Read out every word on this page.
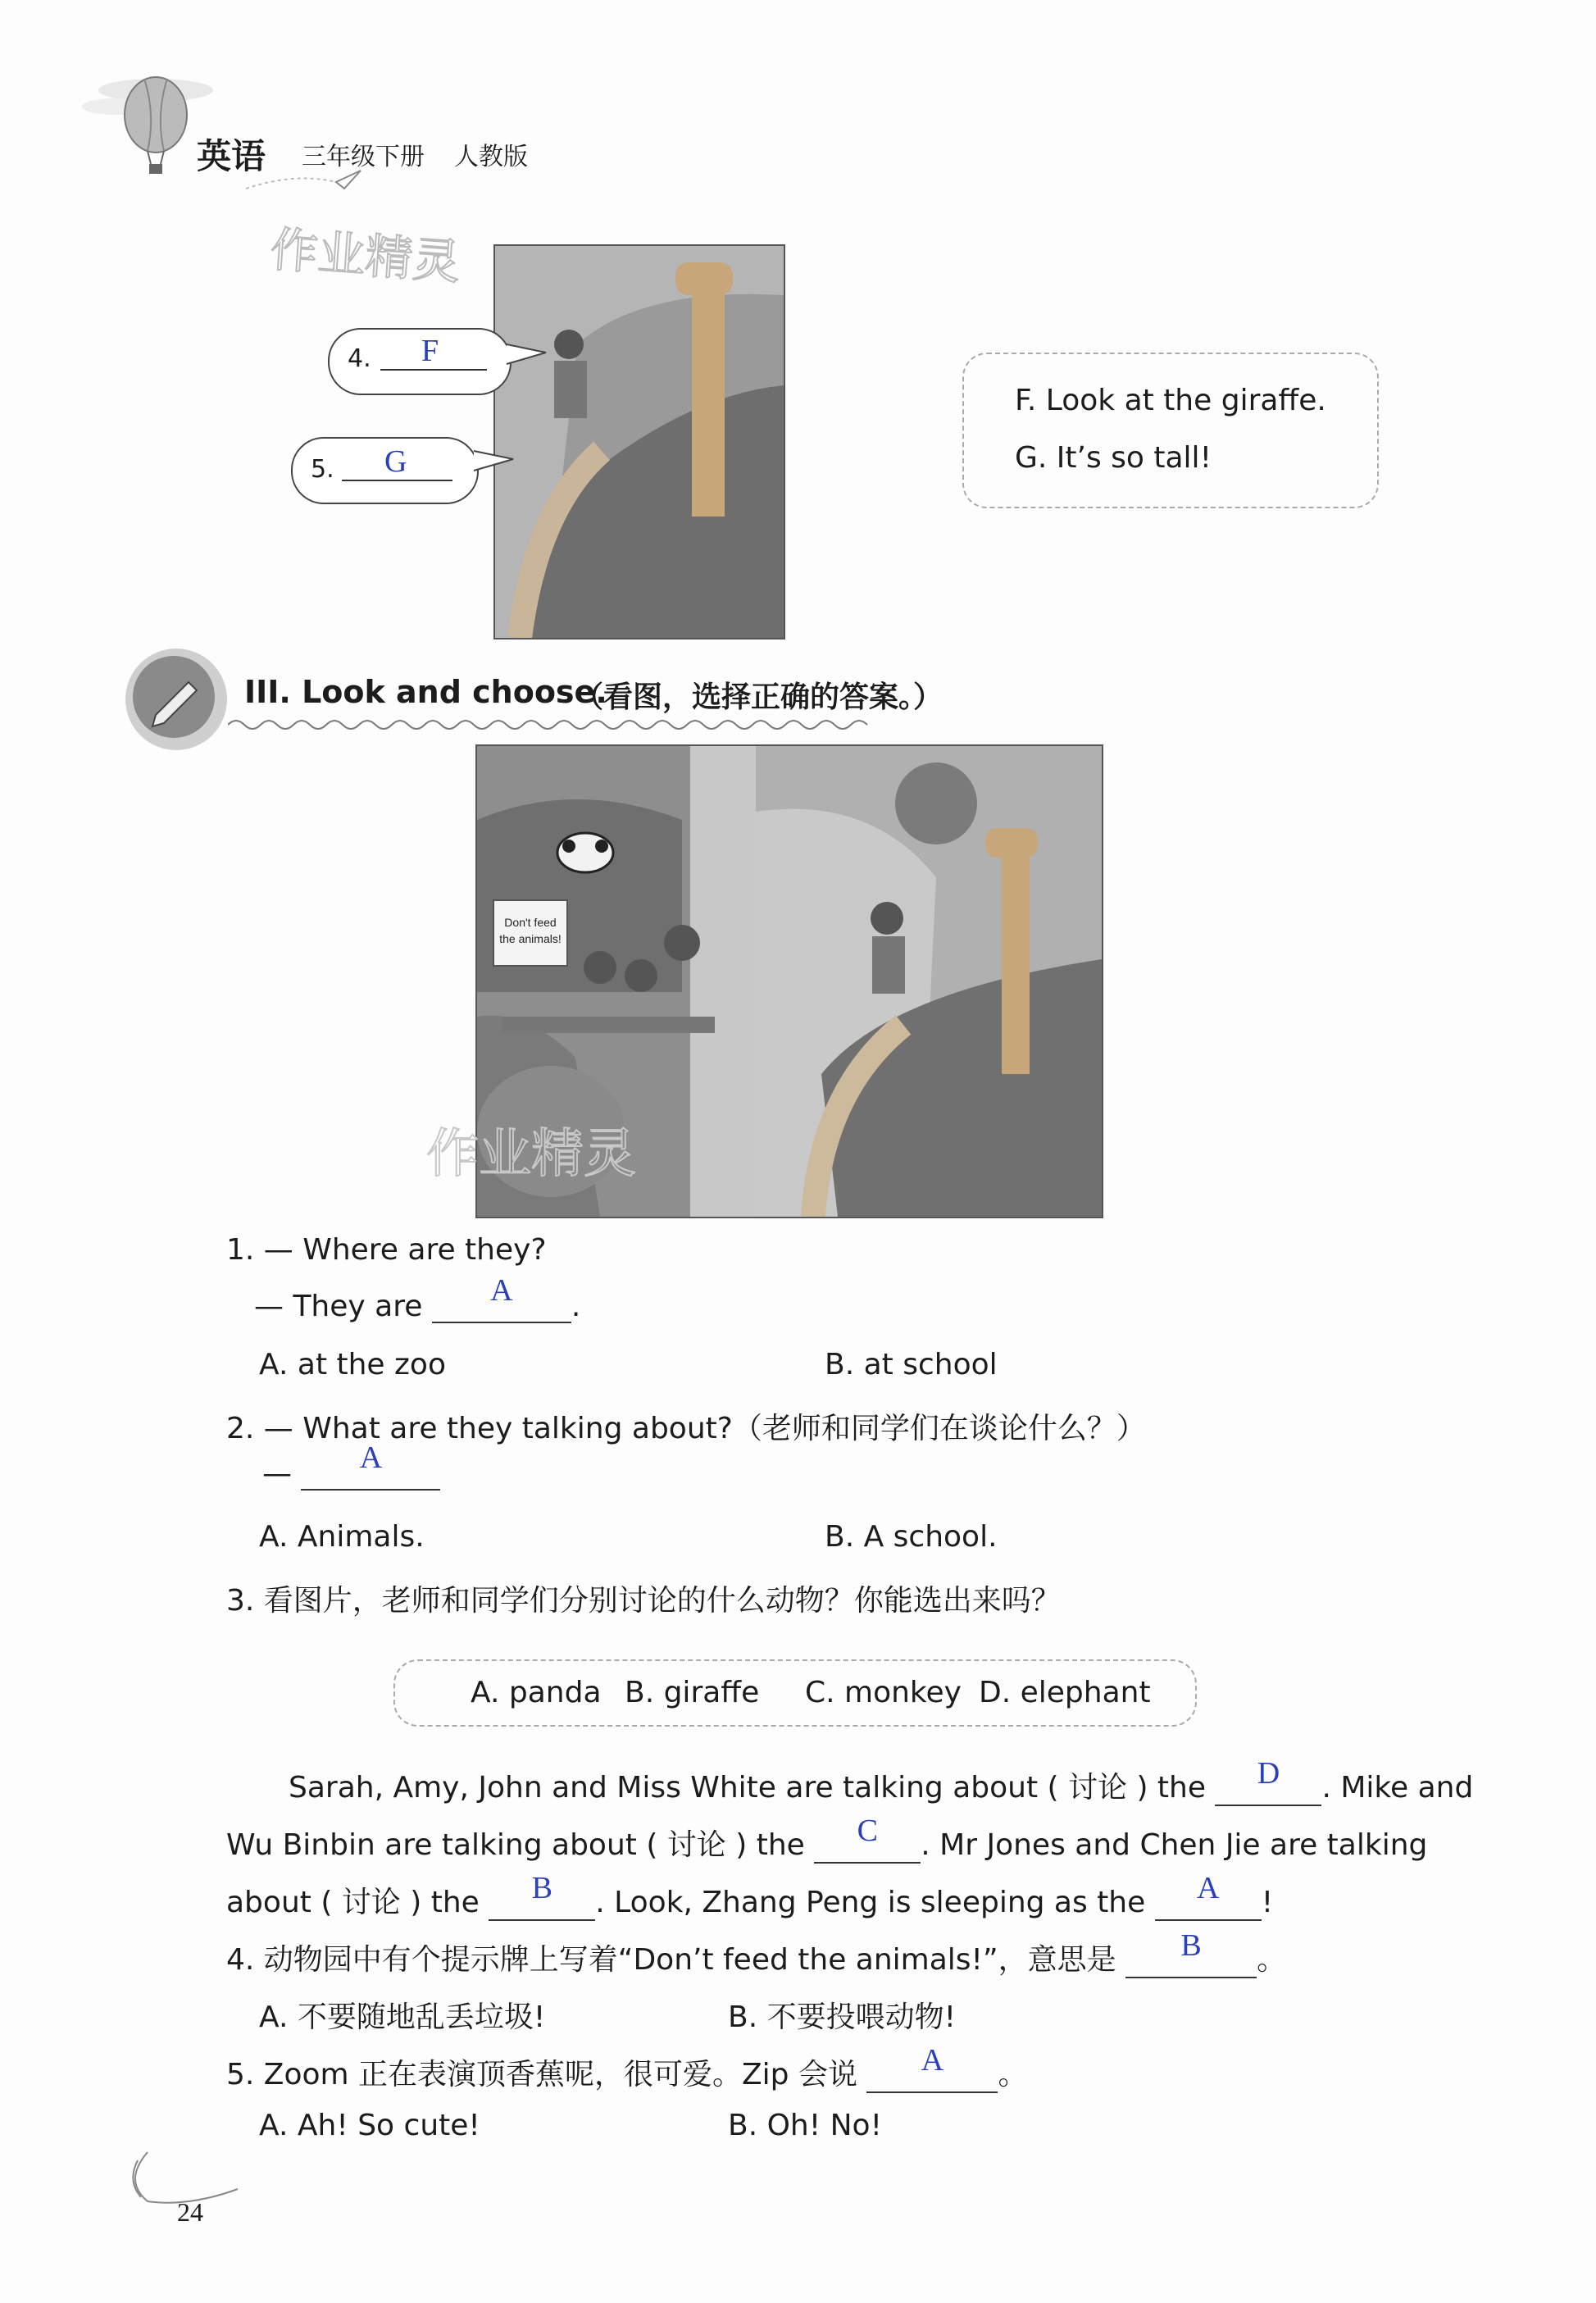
英语 三年级下册 人教版
作业精灵
4. F
5. G
F. Look at the giraffe.
G. It’s so tall!
III. Look and choose.
（看图，选择正确的答案。）
Don't feed
the animals!
作业精灵
1. — Where are they?
— They are	A	.
A. at the zoo	B. at school
2. — What are they talking about?（老师和同学们在谈论什么？）
—	A
A. Animals.	B. A school.
3. 看图片，老师和同学们分别讨论的什么动物？你能选出来吗？
A. panda B. giraffe C. monkey D. elephant
Sarah, Amy, John and Miss White are talking about ( 讨论 ) the	D	. Mike and
Wu Binbin are talking about ( 讨论 ) the	C	. Mr Jones and Chen Jie are talking
about ( 讨论 ) the	B	. Look, Zhang Peng is sleeping as the	A	!
4. 动物园中有个提示牌上写着“Don’t feed the animals!”，意思是	B	。
A. 不要随地乱丢垃圾!	B. 不要投喂动物!
5. Zoom 正在表演顶香蕉呢，很可爱。Zip 会说	A	。
A. Ah! So cute!	B. Oh! No!
24
